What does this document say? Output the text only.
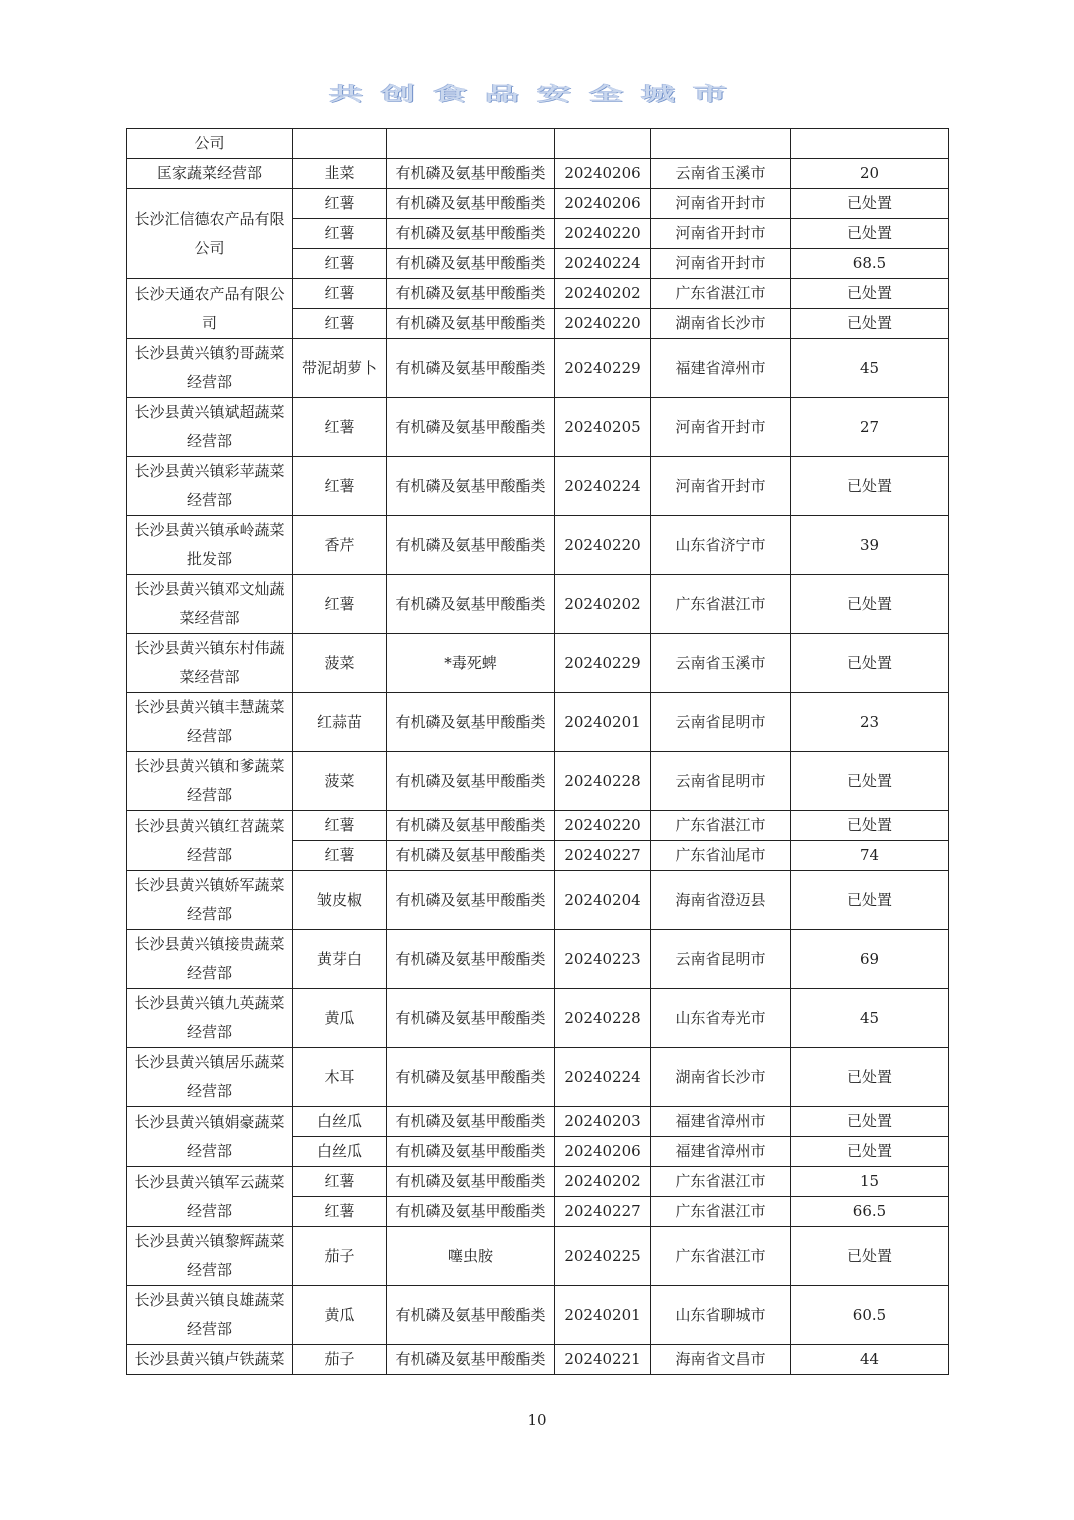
共创食品安全城市
公司					
匡家蔬菜经营部	韭菜	有机磷及氨基甲酸酯类	20240206	云南省玉溪市	20
长沙汇信德农产品有限公司	红薯	有机磷及氨基甲酸酯类	20240206	河南省开封市	已处置
	红薯	有机磷及氨基甲酸酯类	20240220	河南省开封市	已处置
	红薯	有机磷及氨基甲酸酯类	20240224	河南省开封市	68.5
长沙天通农产品有限公司	红薯	有机磷及氨基甲酸酯类	20240202	广东省湛江市	已处置
	红薯	有机磷及氨基甲酸酯类	20240220	湖南省长沙市	已处置
长沙县黄兴镇豹哥蔬菜经营部	带泥胡萝卜	有机磷及氨基甲酸酯类	20240229	福建省漳州市	45
长沙县黄兴镇斌超蔬菜经营部	红薯	有机磷及氨基甲酸酯类	20240205	河南省开封市	27
长沙县黄兴镇彩苹蔬菜经营部	红薯	有机磷及氨基甲酸酯类	20240224	河南省开封市	已处置
长沙县黄兴镇承岭蔬菜批发部	香芹	有机磷及氨基甲酸酯类	20240220	山东省济宁市	39
长沙县黄兴镇邓文灿蔬菜经营部	红薯	有机磷及氨基甲酸酯类	20240202	广东省湛江市	已处置
长沙县黄兴镇东村伟蔬菜经营部	菠菜	*毒死蜱	20240229	云南省玉溪市	已处置
长沙县黄兴镇丰慧蔬菜经营部	红蒜苗	有机磷及氨基甲酸酯类	20240201	云南省昆明市	23
长沙县黄兴镇和爹蔬菜经营部	菠菜	有机磷及氨基甲酸酯类	20240228	云南省昆明市	已处置
长沙县黄兴镇红苕蔬菜经营部	红薯	有机磷及氨基甲酸酯类	20240220	广东省湛江市	已处置
	红薯	有机磷及氨基甲酸酯类	20240227	广东省汕尾市	74
长沙县黄兴镇娇军蔬菜经营部	皱皮椒	有机磷及氨基甲酸酯类	20240204	海南省澄迈县	已处置
长沙县黄兴镇接贵蔬菜经营部	黄芽白	有机磷及氨基甲酸酯类	20240223	云南省昆明市	69
长沙县黄兴镇九英蔬菜经营部	黄瓜	有机磷及氨基甲酸酯类	20240228	山东省寿光市	45
长沙县黄兴镇居乐蔬菜经营部	木耳	有机磷及氨基甲酸酯类	20240224	湖南省长沙市	已处置
长沙县黄兴镇娟豪蔬菜经营部	白丝瓜	有机磷及氨基甲酸酯类	20240203	福建省漳州市	已处置
	白丝瓜	有机磷及氨基甲酸酯类	20240206	福建省漳州市	已处置
长沙县黄兴镇军云蔬菜经营部	红薯	有机磷及氨基甲酸酯类	20240202	广东省湛江市	15
	红薯	有机磷及氨基甲酸酯类	20240227	广东省湛江市	66.5
长沙县黄兴镇黎辉蔬菜经营部	茄子	噻虫胺	20240225	广东省湛江市	已处置
长沙县黄兴镇良雄蔬菜经营部	黄瓜	有机磷及氨基甲酸酯类	20240201	山东省聊城市	60.5
长沙县黄兴镇卢铁蔬菜	茄子	有机磷及氨基甲酸酯类	20240221	海南省文昌市	44
10
